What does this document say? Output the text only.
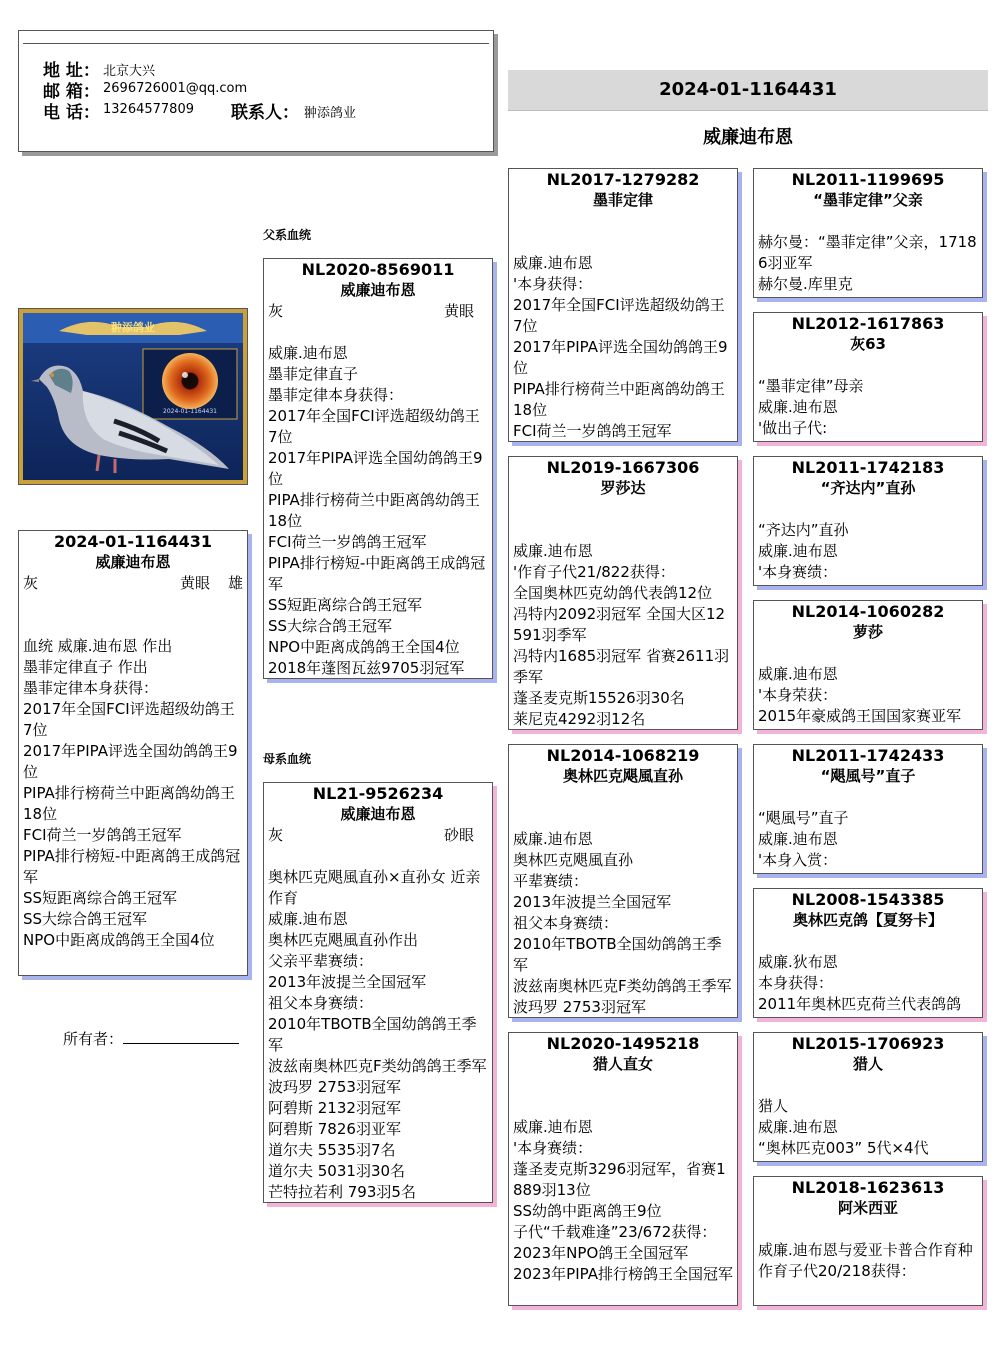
地 址： 北京大兴
邮 箱： 2696726001@qq.com
电 话： 13264577809 联系人： 翀添鸽业
2024-01-1164431
威廉迪布恩
父系血统
母系血统
翀添鸽业
2024-01-1164431
2024-01-1164431
威廉迪布恩
灰	黄眼 雄
血统 威廉.迪布恩 作出
墨菲定律直子 作出
墨菲定律本身获得：
2017年全国FCI评选超级幼鸽王7位
2017年PIPA评选全国幼鸽鸽王9位
PIPA排行榜荷兰中距离鸽幼鸽王18位
FCI荷兰一岁鸽鸽王冠军
PIPA排行榜短-中距离鸽王成鸽冠军
SS短距离综合鸽王冠军
SS大综合鸽王冠军
NPO中距离成鸽鸽王全国4位
所有者：
NL2020-8569011
威廉迪布恩
灰	黄眼
威廉.迪布恩
墨菲定律直子
墨菲定律本身获得：
2017年全国FCI评选超级幼鸽王7位
2017年PIPA评选全国幼鸽鸽王9位
PIPA排行榜荷兰中距离鸽幼鸽王18位
FCI荷兰一岁鸽鸽王冠军
PIPA排行榜短-中距离鸽王成鸽冠军
SS短距离综合鸽王冠军
SS大综合鸽王冠军
NPO中距离成鸽鸽王全国4位
2018年蓬图瓦兹9705羽冠军
NL21-9526234
威廉迪布恩
灰	砂眼
奥林匹克飓風直孙×直孙女 近亲作育
威廉.迪布恩
奥林匹克飓風直孙作出
父亲平辈赛绩：
2013年波提兰全国冠军
祖父本身赛绩：
2010年TBOTB全国幼鸽鸽王季军
波兹南奥林匹克F类幼鸽鸽王季军波玛罗 2753羽冠军
阿碧斯 2132羽冠军
阿碧斯 7826羽亚军
道尔夫 5535羽7名
道尔夫 5031羽30名
芒特拉若利 793羽5名
NL2017-1279282
墨菲定律
威廉.迪布恩
'本身获得：
2017年全国FCI评选超级幼鸽王7位
2017年PIPA评选全国幼鸽鸽王9位
PIPA排行榜荷兰中距离鸽幼鸽王18位
FCI荷兰一岁鸽鸽王冠军
NL2019-1667306
罗莎达
威廉.迪布恩
'作育子代21/822获得：
全国奥林匹克幼鸽代表鸽12位
冯特内2092羽冠军 全国大区12591羽季军
冯特内1685羽冠军 省赛2611羽季军
蓬圣麦克斯15526羽30名
莱尼克4292羽12名
NL2014-1068219
奥林匹克飓風直孙
威廉.迪布恩
奥林匹克飓風直孙
平辈赛绩：
2013年波提兰全国冠军
祖父本身赛绩：
2010年TBOTB全国幼鸽鸽王季军
波兹南奥林匹克F类幼鸽鸽王季军波玛罗 2753羽冠军
NL2020-1495218
猎人直女
威廉.迪布恩
'本身赛绩：
蓬圣麦克斯3296羽冠军，省赛1889羽13位
SS幼鸽中距离鸽王9位
子代“千载难逢”23/672获得：
2023年NPO鸽王全国冠军
2023年PIPA排行榜鸽王全国冠军
NL2011-1199695
“墨菲定律”父亲
赫尔曼：“墨菲定律”父亲，17186羽亚军
赫尔曼.库里克
NL2012-1617863
灰63
“墨菲定律”母亲
威廉.迪布恩
'做出子代:
NL2011-1742183
“齐达内”直孙
“齐达内”直孙
威廉.迪布恩
'本身赛绩：
NL2014-1060282
萝莎
威廉.迪布恩
'本身荣获：
2015年豪威鸽王国国家赛亚军
NL2011-1742433
“飓風号”直子
“飓風号”直子
威廉.迪布恩
'本身入赏：
NL2008-1543385
奥林匹克鸽【夏努卡】
威廉.狄布恩
本身获得：
2011年奥林匹克荷兰代表鸽鸽
NL2015-1706923
猎人
猎人
威廉.迪布恩
“奥林匹克003” 5代×4代
NL2018-1623613
阿米西亚
威廉.迪布恩与爱亚卡普合作育种
作育子代20/218获得：
